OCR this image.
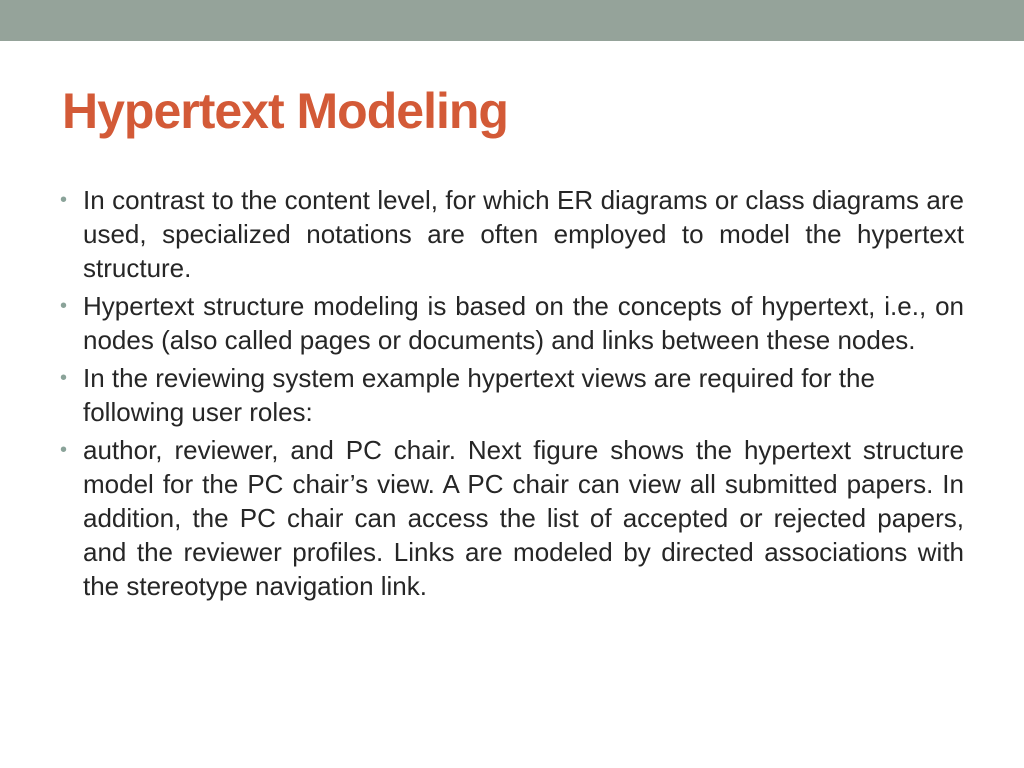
Hypertext Modeling
• In contrast to the content level, for which ER diagrams or class diagrams are used, specialized notations are often employed to model the hypertext structure.
• Hypertext structure modeling is based on the concepts of hypertext, i.e., on nodes (also called pages or documents) and links between these nodes.
• In the reviewing system example hypertext views are required for the following user roles:
• author, reviewer, and PC chair. Next figure shows the hypertext structure model for the PC chair’s view. A PC chair can view all submitted papers. In addition, the PC chair can access the list of accepted or rejected papers, and the reviewer profiles. Links are modeled by directed associations with the stereotype navigation link.
